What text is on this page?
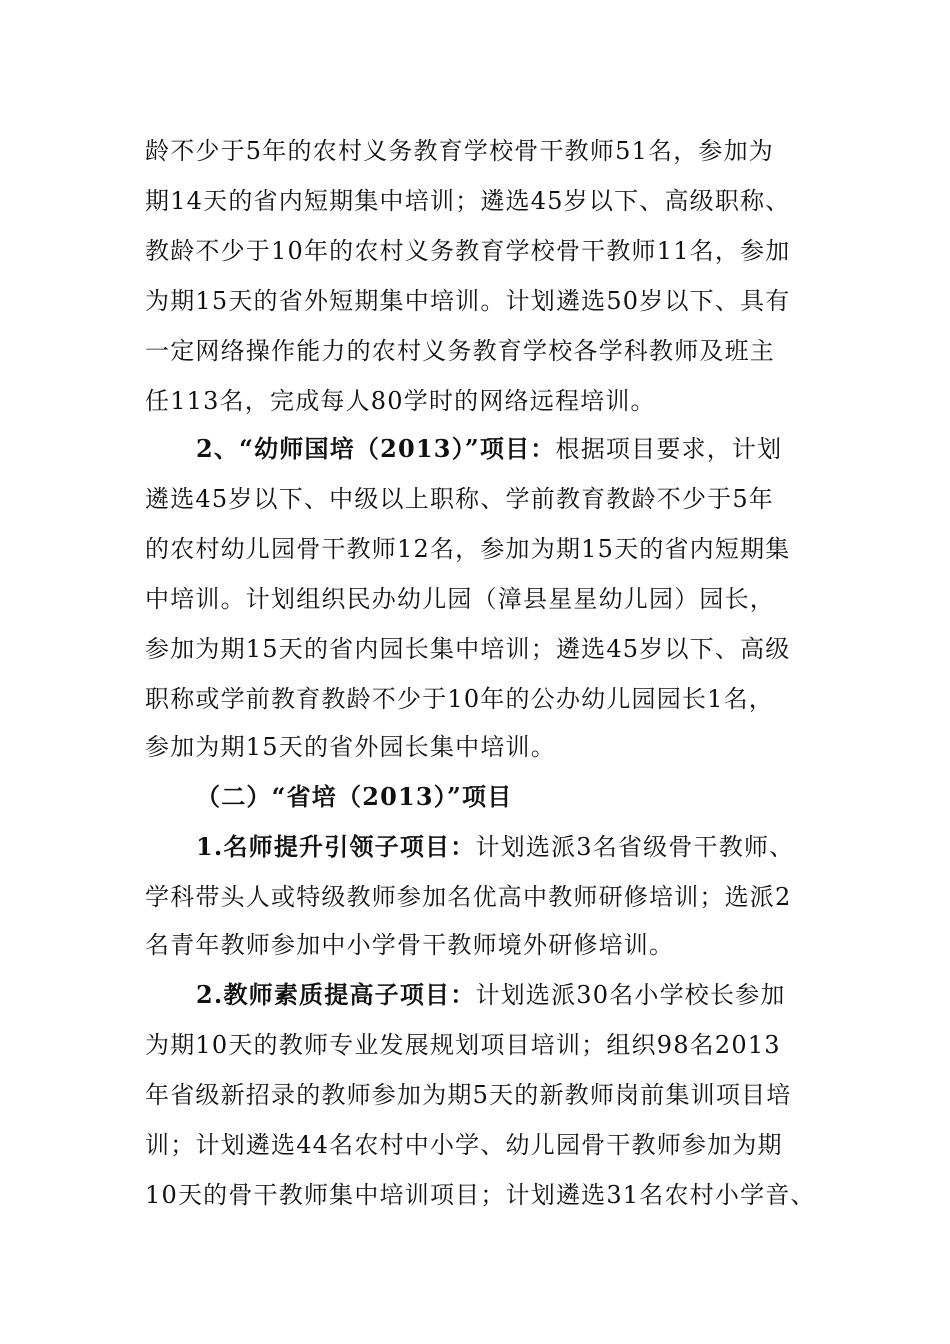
龄不少于5年的农村义务教育学校骨干教师51名，参加为
期14天的省内短期集中培训；遴选45岁以下、高级职称、
教龄不少于10年的农村义务教育学校骨干教师11名，参加
为期15天的省外短期集中培训。计划遴选50岁以下、具有
一定网络操作能力的农村义务教育学校各学科教师及班主
任113名，完成每人80学时的网络远程培训。
2、“幼师国培（2013）”项目：根据项目要求，计划
遴选45岁以下、中级以上职称、学前教育教龄不少于5年
的农村幼儿园骨干教师12名，参加为期15天的省内短期集
中培训。计划组织民办幼儿园（漳县星星幼儿园）园长，
参加为期15天的省内园长集中培训；遴选45岁以下、高级
职称或学前教育教龄不少于10年的公办幼儿园园长1名，
参加为期15天的省外园长集中培训。
（二）“省培（2013）”项目
1.名师提升引领子项目：计划选派3名省级骨干教师、
学科带头人或特级教师参加名优高中教师研修培训；选派2
名青年教师参加中小学骨干教师境外研修培训。
2.教师素质提高子项目：计划选派30名小学校长参加
为期10天的教师专业发展规划项目培训；组织98名2013
年省级新招录的教师参加为期5天的新教师岗前集训项目培
训；计划遴选44名农村中小学、幼儿园骨干教师参加为期
10天的骨干教师集中培训项目；计划遴选31名农村小学音、
